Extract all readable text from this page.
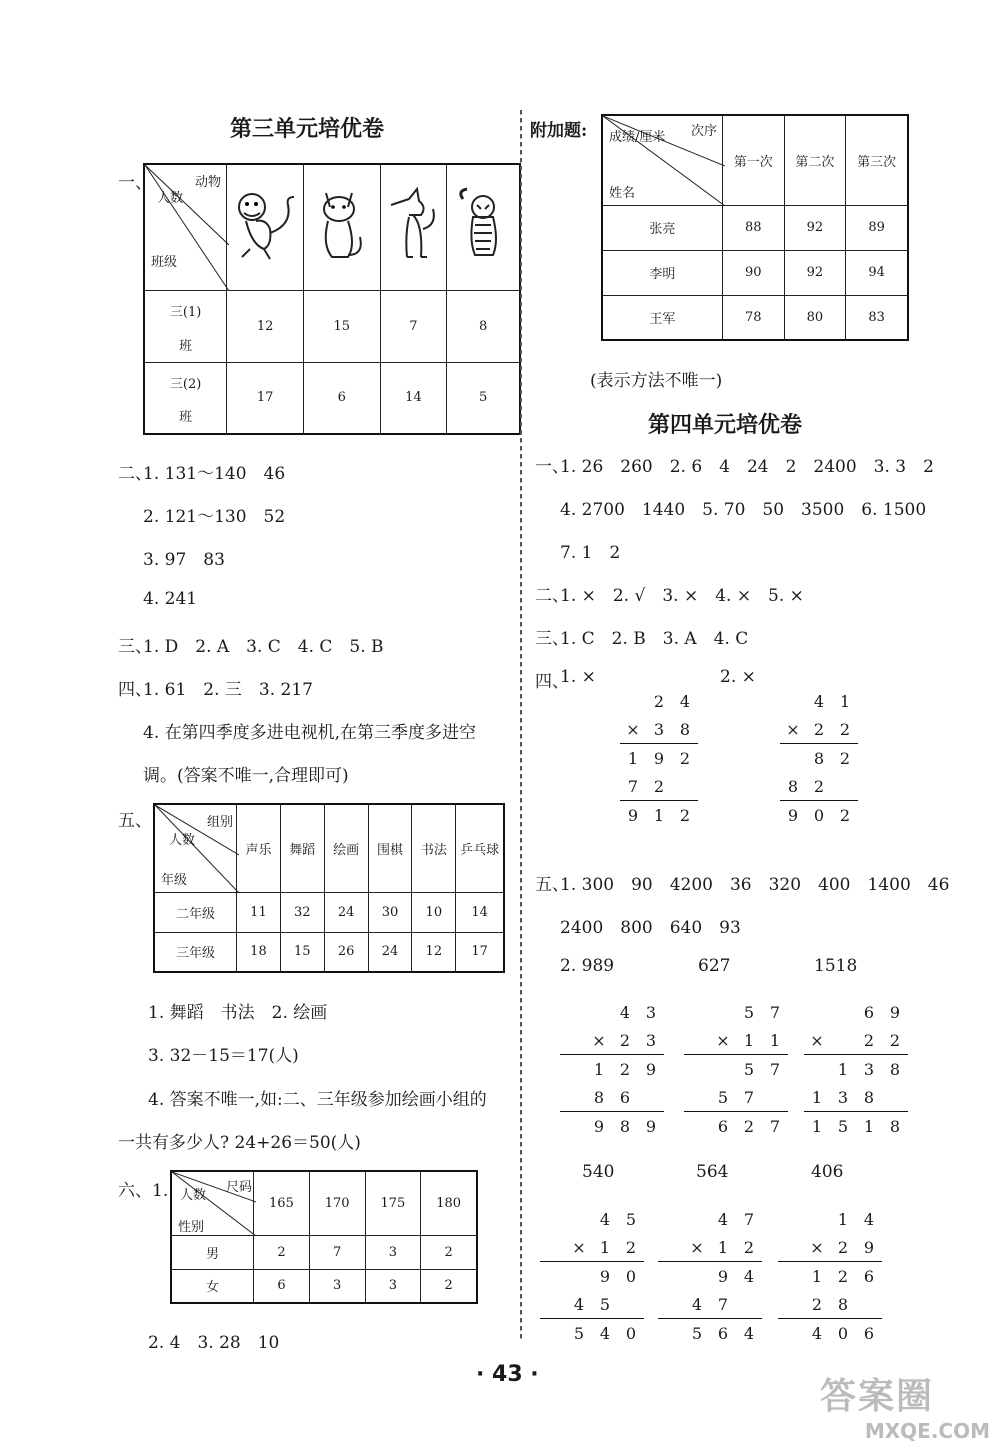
第三单元培优卷
一、	动物
人数
班级

三(1)
班	12	15	7	8

三(2)
班	17	6	14	5
二、
1. 131～140　46
2. 121～130　52
3. 97　83
4. 241
三、
1. D　2. A　3. C　4. C　5. B
四、
1. 61　2. 三　3. 217
4. 在第四季度多进电视机,在第三季度多进空
调。(答案不唯一,合理即可)
五、	组别
人数
年级	声乐	舞蹈	绘画	围棋	书法	乒乓球
二年级	11	32	24	30	10	14
三年级	18	15	26	24	12	17
1. 舞蹈　书法　2. 绘画
3. 32－15＝17(人)
4. 答案不唯一,如:二、三年级参加绘画小组的
一共有多少人? 24+26＝50(人)
六、1.	尺码
人数
性别	165	170	175	180
男	2	7	3	2
女	6	3	3	2
2. 4　3. 28　10
附加题:	次序
成绩/厘米
姓名	第一次	第二次	第三次
张亮	88	92	89
李明	90	92	94
王军	78	80	83
(表示方法不唯一)
第四单元培优卷
一、
1. 26　260　2. 6　4　24　2　2400　3. 3　2
4. 2700　1440　5. 70　50　3500　6. 1500
7. 1　2
二、
1. ×　2. √　3. ×　4. ×　5. ×
三、
1. C　2. B　3. A　4. C
四、
1. ×	2. ×
2 4
× 3 8
1 9 2
7 2
9 1 2
4 1
× 2 2
8 2
8 2
9 0 2
五、
1. 300　90　4200　36　320　400　1400　46
2400　800　640　93
2. 989	627	1518
4 3
× 2 3
1 2 9
8 6
9 8 9
5 7
× 1 1
5 7
5 7
6 2 7
6 9
×	2 2
1 3 8
1 3 8
1 5 1 8
540	564	406
4 5
× 1 2
9 0
4 5
5 4 0
4 7
× 1 2
9 4
4 7
5 6 4
1 4
× 2 9
1 2 6
2 8
4 0 6
· 43 ·
答案圈
MXQE.COM
